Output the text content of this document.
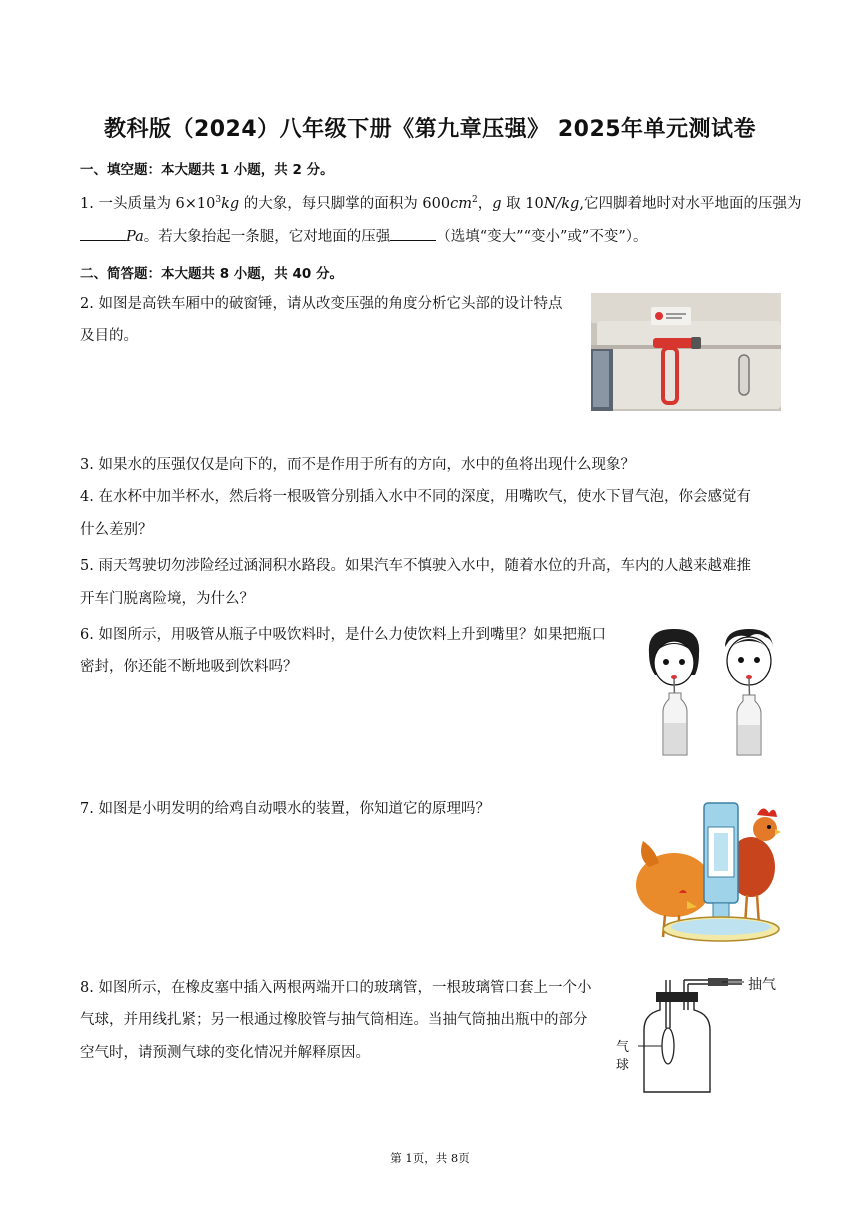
教科版（2024）八年级下册《第九章压强》 2025年单元测试卷
一、填空题：本大题共 1 小题，共 2 分。
1. 一头质量为 $6\times 10^3kg$ 的大象，每只脚掌的面积为 $600cm^2$，g 取 10N/kg,它四脚着地时对水平地面的压强为
Pa。若大象抬起一条腿，它对地面的压强	（选填“变大”“变小”或”不变”）。
二、简答题：本大题共 8 小题，共 40 分。
2. 如图是高铁车厢中的破窗锤，请从改变压强的角度分析它头部的设计特点
及目的。
3. 如果水的压强仅仅是向下的，而不是作用于所有的方向，水中的鱼将出现什么现象？
4. 在水杯中加半杯水，然后将一根吸管分别插入水中不同的深度，用嘴吹气，使水下冒气泡，你会感觉有
什么差别？
5. 雨天驾驶切勿涉险经过涵洞积水路段。如果汽车不慎驶入水中，随着水位的升高，车内的人越来越难推
开车门脱离险境，为什么？
6. 如图所示，用吸管从瓶子中吸饮料时，是什么力使饮料上升到嘴里？如果把瓶口
密封，你还能不断地吸到饮料吗？
7. 如图是小明发明的给鸡自动喂水的装置，你知道它的原理吗？
8. 如图所示，在橡皮塞中插入两根两端开口的玻璃管，一根玻璃管口套上一个小
气球，并用线扎紧；另一根通过橡胶管与抽气筒相连。当抽气筒抽出瓶中的部分
空气时，请预测气球的变化情况并解释原因。
抽气
气
球
第 1页，共 8页
